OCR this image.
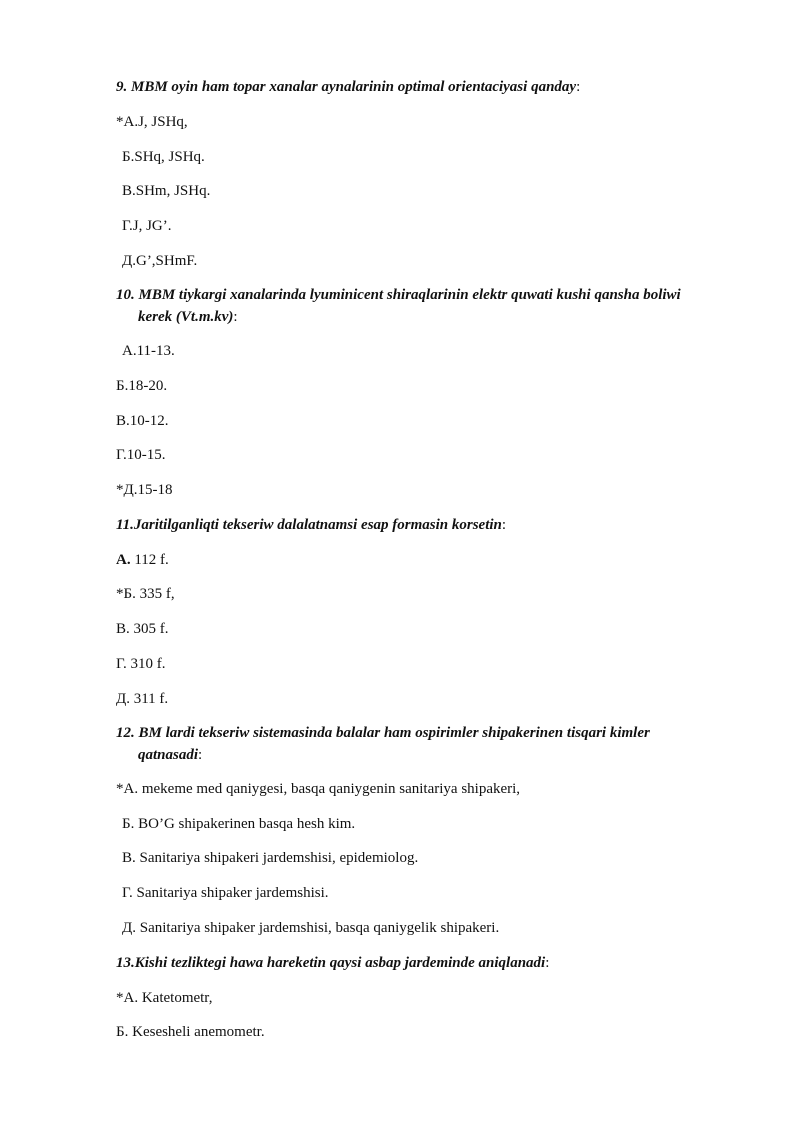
9. MBM oyin ham topar xanalar aynalarinin optimal orientaciyasi qanday:
*A.J, JSHq,
Б.SHq, JSHq.
B.SHm, JSHq.
Г.J, JG’.
Д.G’,SHmF.
10. MBM tiykargi xanalarinda lyuminicent shiraqlarinin elektr quwati kushi qansha boliwi
kerek (Vt.m.kv):
A.11-13.
Б.18-20.
B.10-12.
Г.10-15.
*Д.15-18
11.Jaritilganliqti tekseriw dalalatnamsi esap formasin korsetin:
A. 112 f.
*Б. 335 f,
B. 305 f.
Г. 310 f.
Д. 311 f.
12. BM lardi tekseriw sistemasinda balalar ham ospirimler shipakerinen tisqari kimler
qatnasadi:
*A. mekeme med qaniygesi, basqa qaniygenin sanitariya shipakeri,
Б. BO’G shipakerinen basqa hesh kim.
B. Sanitariya shipakeri jardemshisi, epidemiolog.
Г. Sanitariya shipaker jardemshisi.
Д. Sanitariya shipaker jardemshisi, basqa qaniygelik shipakeri.
13.Kishi tezliktegi hawa hareketin qaysi asbap jardeminde aniqlanadi:
*A. Katetometr,
Б. Kesesheli anemometr.
